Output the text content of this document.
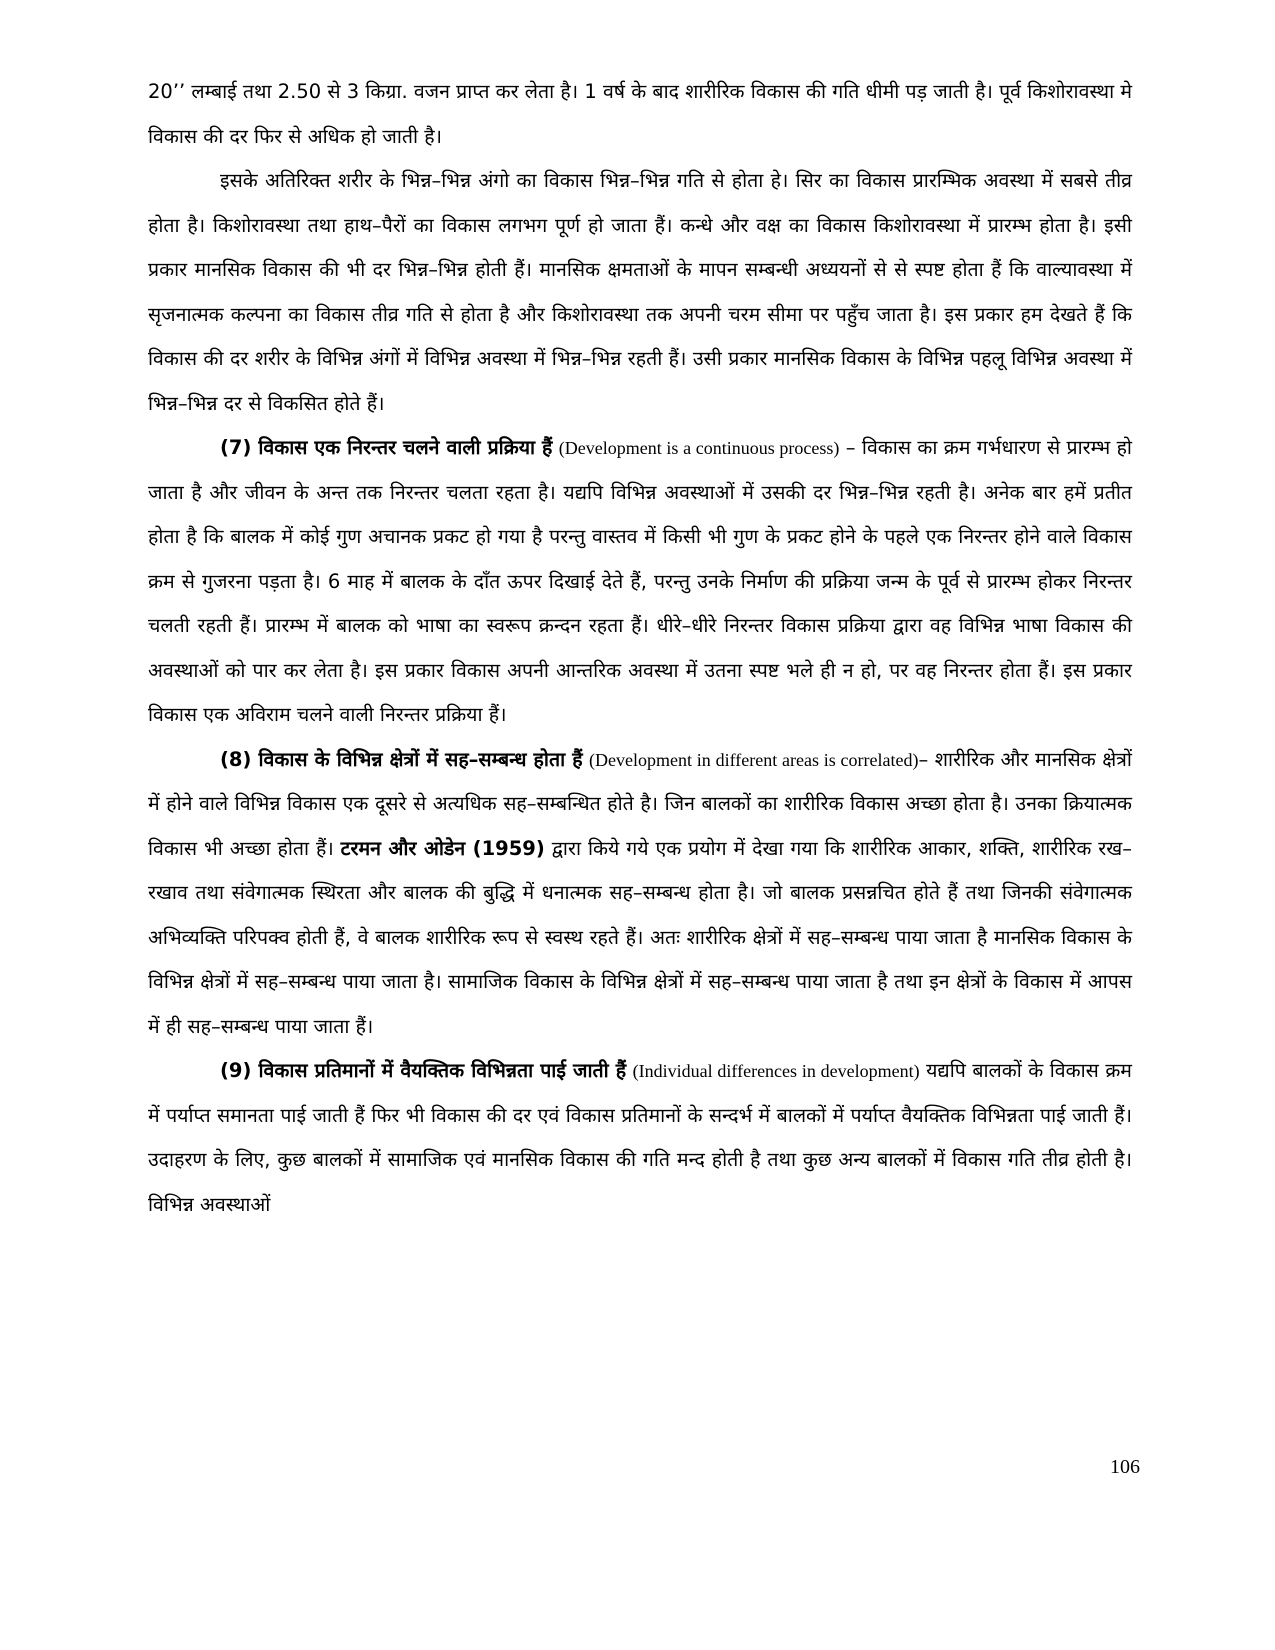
20’’ लम्बाई तथा 2.50 से 3 किग्रा. वजन प्राप्त कर लेता है। 1 वर्ष के बाद शारीरिक विकास की गति धीमी पड़ जाती है। पूर्व किशोरावस्था मे विकास की दर फिर से अधिक हो जाती है।

इसके अतिरिक्त शरीर के भिन्न–भिन्न अंगो का विकास भिन्न–भिन्न गति से होता हे। सिर का विकास प्रारम्भिक अवस्था में सबसे तीव्र होता है। किशोरावस्था तथा हाथ–पैरों का विकास लगभग पूर्ण हो जाता हैं। कन्धे और वक्ष का विकास किशोरावस्था में प्रारम्भ होता है। इसी प्रकार मानसिक विकास की भी दर भिन्न–भिन्न होती हैं। मानसिक क्षमताओं के मापन सम्बन्धी अध्ययनों से से स्पष्ट होता हैं कि वाल्यावस्था में सृजनात्मक कल्पना का विकास तीव्र गति से होता है और किशोरावस्था तक अपनी चरम सीमा पर पहुँच जाता है। इस प्रकार हम देखते हैं कि विकास की दर शरीर के विभिन्न अंगों में विभिन्न अवस्था में भिन्न–भिन्न रहती हैं। उसी प्रकार मानसिक विकास के विभिन्न पहलू विभिन्न अवस्था में भिन्न–भिन्न दर से विकसित होते हैं।

(7) विकास एक निरन्तर चलने वाली प्रक्रिया हैं (Development is a continuous process) – विकास का क्रम गर्भधारण से प्रारम्भ हो जाता है और जीवन के अन्त तक निरन्तर चलता रहता है। यद्यपि विभिन्न अवस्थाओं में उसकी दर भिन्न–भिन्न रहती है। अनेक बार हमें प्रतीत होता है कि बालक में कोई गुण अचानक प्रकट हो गया है परन्तु वास्तव में किसी भी गुण के प्रकट होने के पहले एक निरन्तर होने वाले विकास क्रम से गुजरना पड़ता है। 6 माह में बालक के दाँत ऊपर दिखाई देते हैं, परन्तु उनके निर्माण की प्रक्रिया जन्म के पूर्व से प्रारम्भ होकर निरन्तर चलती रहती हैं। प्रारम्भ में बालक को भाषा का स्वरूप क्रन्दन रहता हैं। धीरे–धीरे निरन्तर विकास प्रक्रिया द्वारा वह विभिन्न भाषा विकास की अवस्थाओं को पार कर लेता है। इस प्रकार विकास अपनी आन्तरिक अवस्था में उतना स्पष्ट भले ही न हो, पर वह निरन्तर होता हैं। इस प्रकार विकास एक अविराम चलने वाली निरन्तर प्रक्रिया हैं।

(8) विकास के विभिन्न क्षेत्रों में सह–सम्बन्ध होता हैं (Development in different areas is correlated)– शारीरिक और मानसिक क्षेत्रों में होने वाले विभिन्न विकास एक दूसरे से अत्यधिक सह–सम्बन्धित होते है। जिन बालकों का शारीरिक विकास अच्छा होता है। उनका क्रियात्मक विकास भी अच्छा होता हैं। टरमन और ओडेन (1959) द्वारा किये गये एक प्रयोग में देखा गया कि शारीरिक आकार, शक्ति, शारीरिक रख–रखाव तथा संवेगात्मक स्थिरता और बालक की बुद्धि में धनात्मक सह–सम्बन्ध होता है। जो बालक प्रसन्नचित होते हैं तथा जिनकी संवेगात्मक अभिव्यक्ति परिपक्व होती हैं, वे बालक शारीरिक रूप से स्वस्थ रहते हैं। अतः शारीरिक क्षेत्रों में सह–सम्बन्ध पाया जाता है मानसिक विकास के विभिन्न क्षेत्रों में सह–सम्बन्ध पाया जाता है। सामाजिक विकास के विभिन्न क्षेत्रों में सह–सम्बन्ध पाया जाता है तथा इन क्षेत्रों के विकास में आपस में ही सह–सम्बन्ध पाया जाता हैं।

(9) विकास प्रतिमानों में वैयक्तिक विभिन्नता पाई जाती हैं (Individual differences in development) यद्यपि बालकों के विकास क्रम में पर्याप्त समानता पाई जाती हैं फिर भी विकास की दर एवं विकास प्रतिमानों के सन्दर्भ में बालकों में पर्याप्त वैयक्तिक विभिन्नता पाई जाती हैं। उदाहरण के लिए, कुछ बालकों में सामाजिक एवं मानसिक विकास की गति मन्द होती है तथा कुछ अन्य बालकों में विकास गति तीव्र होती है। विभिन्न अवस्थाओं

106
